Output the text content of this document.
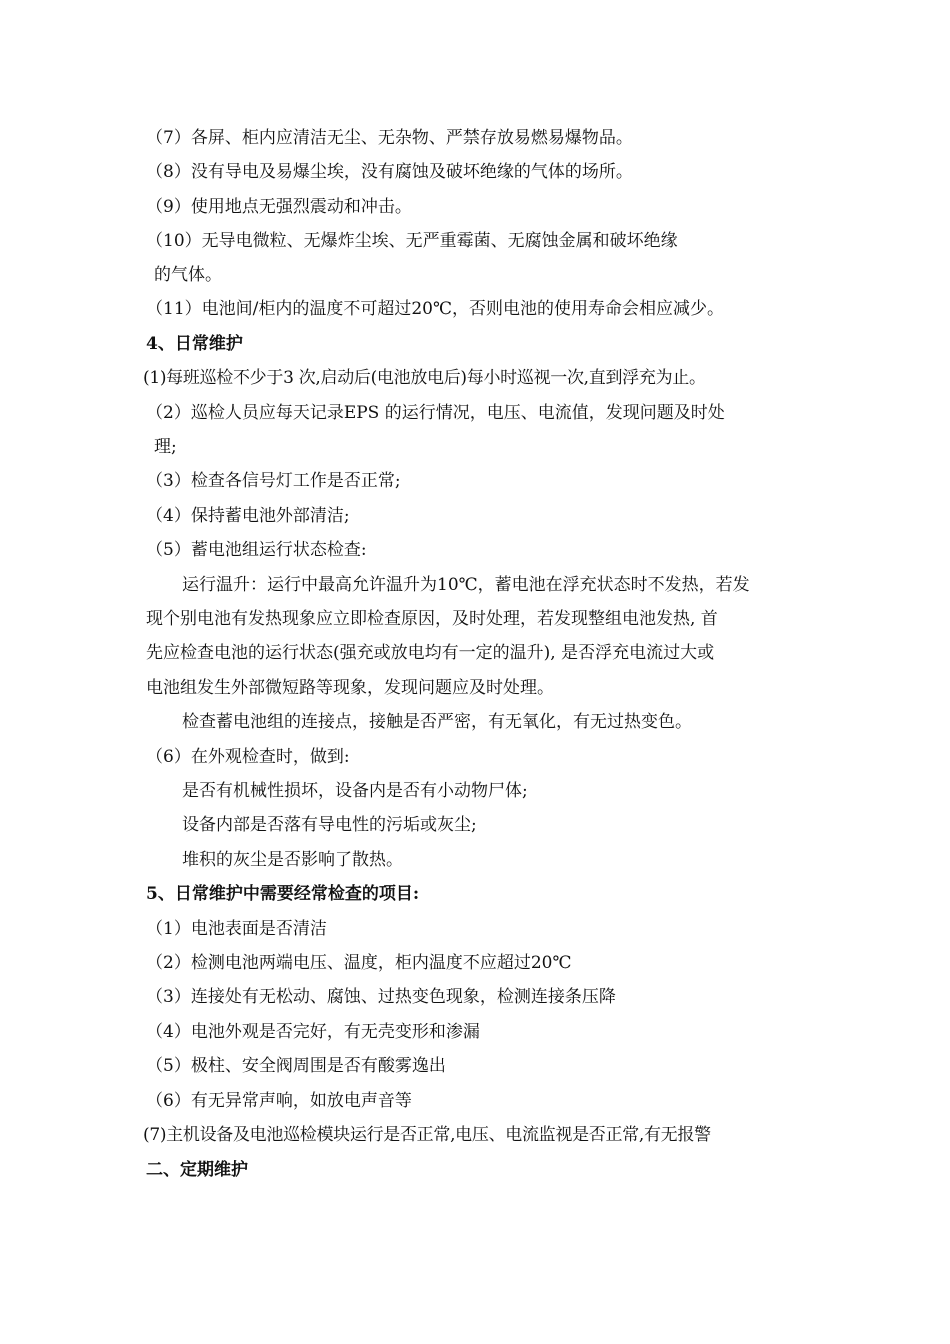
（7）各屏、柜内应清洁无尘、无杂物、严禁存放易燃易爆物品。
（8）没有导电及易爆尘埃，没有腐蚀及破坏绝缘的气体的场所。
（9）使用地点无强烈震动和冲击。
（10）无导电微粒、无爆炸尘埃、无严重霉菌、无腐蚀金属和破坏绝缘
的气体。
（11）电池间/柜内的温度不可超过20℃，否则电池的使用寿命会相应减少。
4、日常维护
(1)每班巡检不少于3 次,启动后(电池放电后)每小时巡视一次,直到浮充为止。
（2）巡检人员应每天记录EPS 的运行情况，电压、电流值，发现问题及时处
理;
（3）检查各信号灯工作是否正常;
（4）保持蓄电池外部清洁;
（5）蓄电池组运行状态检查:
运行温升：运行中最高允许温升为10℃，蓄电池在浮充状态时不发热，若发
现个别电池有发热现象应立即检查原因，及时处理，若发现整组电池发热, 首
先应检查电池的运行状态(强充或放电均有一定的温升), 是否浮充电流过大或
电池组发生外部微短路等现象，发现问题应及时处理。
检查蓄电池组的连接点，接触是否严密，有无氧化，有无过热变色。
（6）在外观检查时，做到:
是否有机械性损坏，设备内是否有小动物尸体;
设备内部是否落有导电性的污垢或灰尘;
堆积的灰尘是否影响了散热。
5、日常维护中需要经常检查的项目:
（1）电池表面是否清洁
（2）检测电池两端电压、温度，柜内温度不应超过20℃
（3）连接处有无松动、腐蚀、过热变色现象，检测连接条压降
（4）电池外观是否完好，有无壳变形和渗漏
（5）极柱、安全阀周围是否有酸雾逸出
（6）有无异常声响，如放电声音等
(7)主机设备及电池巡检模块运行是否正常,电压、电流监视是否正常,有无报警
二、定期维护
